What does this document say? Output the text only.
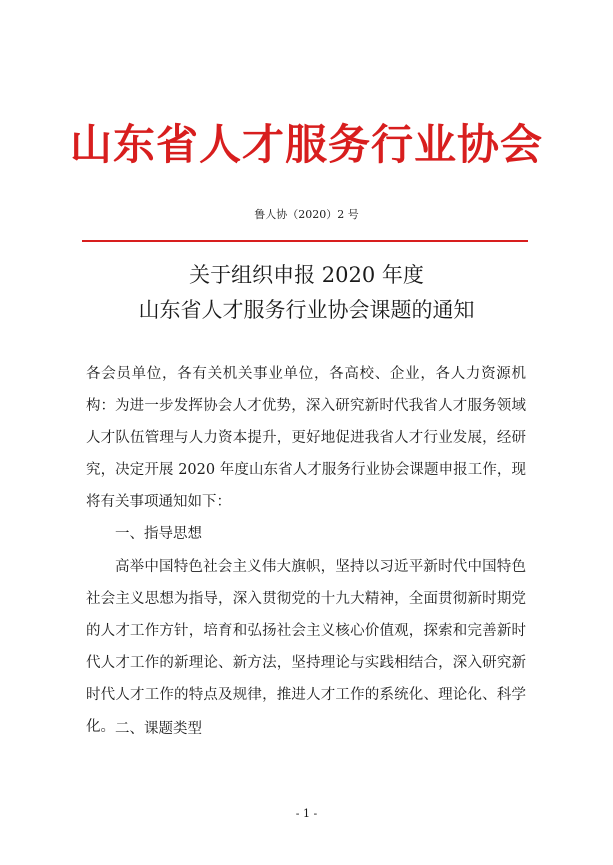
山东省人才服务行业协会
鲁人协（2020）2 号
关于组织申报 2020 年度
山东省人才服务行业协会课题的通知
各会员单位，各有关机关事业单位，各高校、企业，各人力资源机构： 为进一步发挥协会人才优势，深入研究新时代我省人才服务领域人才队伍管理与人力资本提升，更好地促进我省人才行业发展，经研究，决定开展 2020 年度山东省人才服务行业协会课题申报工作，现将有关事项通知如下：
一、指导思想
高举中国特色社会主义伟大旗帜，坚持以习近平新时代中国特色社会主义思想为指导，深入贯彻党的十九大精神，全面贯彻新时期党的人才工作方针，培育和弘扬社会主义核心价值观，探索和完善新时代人才工作的新理论、新方法，坚持理论与实践相结合，深入研究新时代人才工作的特点及规律，推进人才工作的系统化、理论化、科学化。 二、课题类型
- 1 -
